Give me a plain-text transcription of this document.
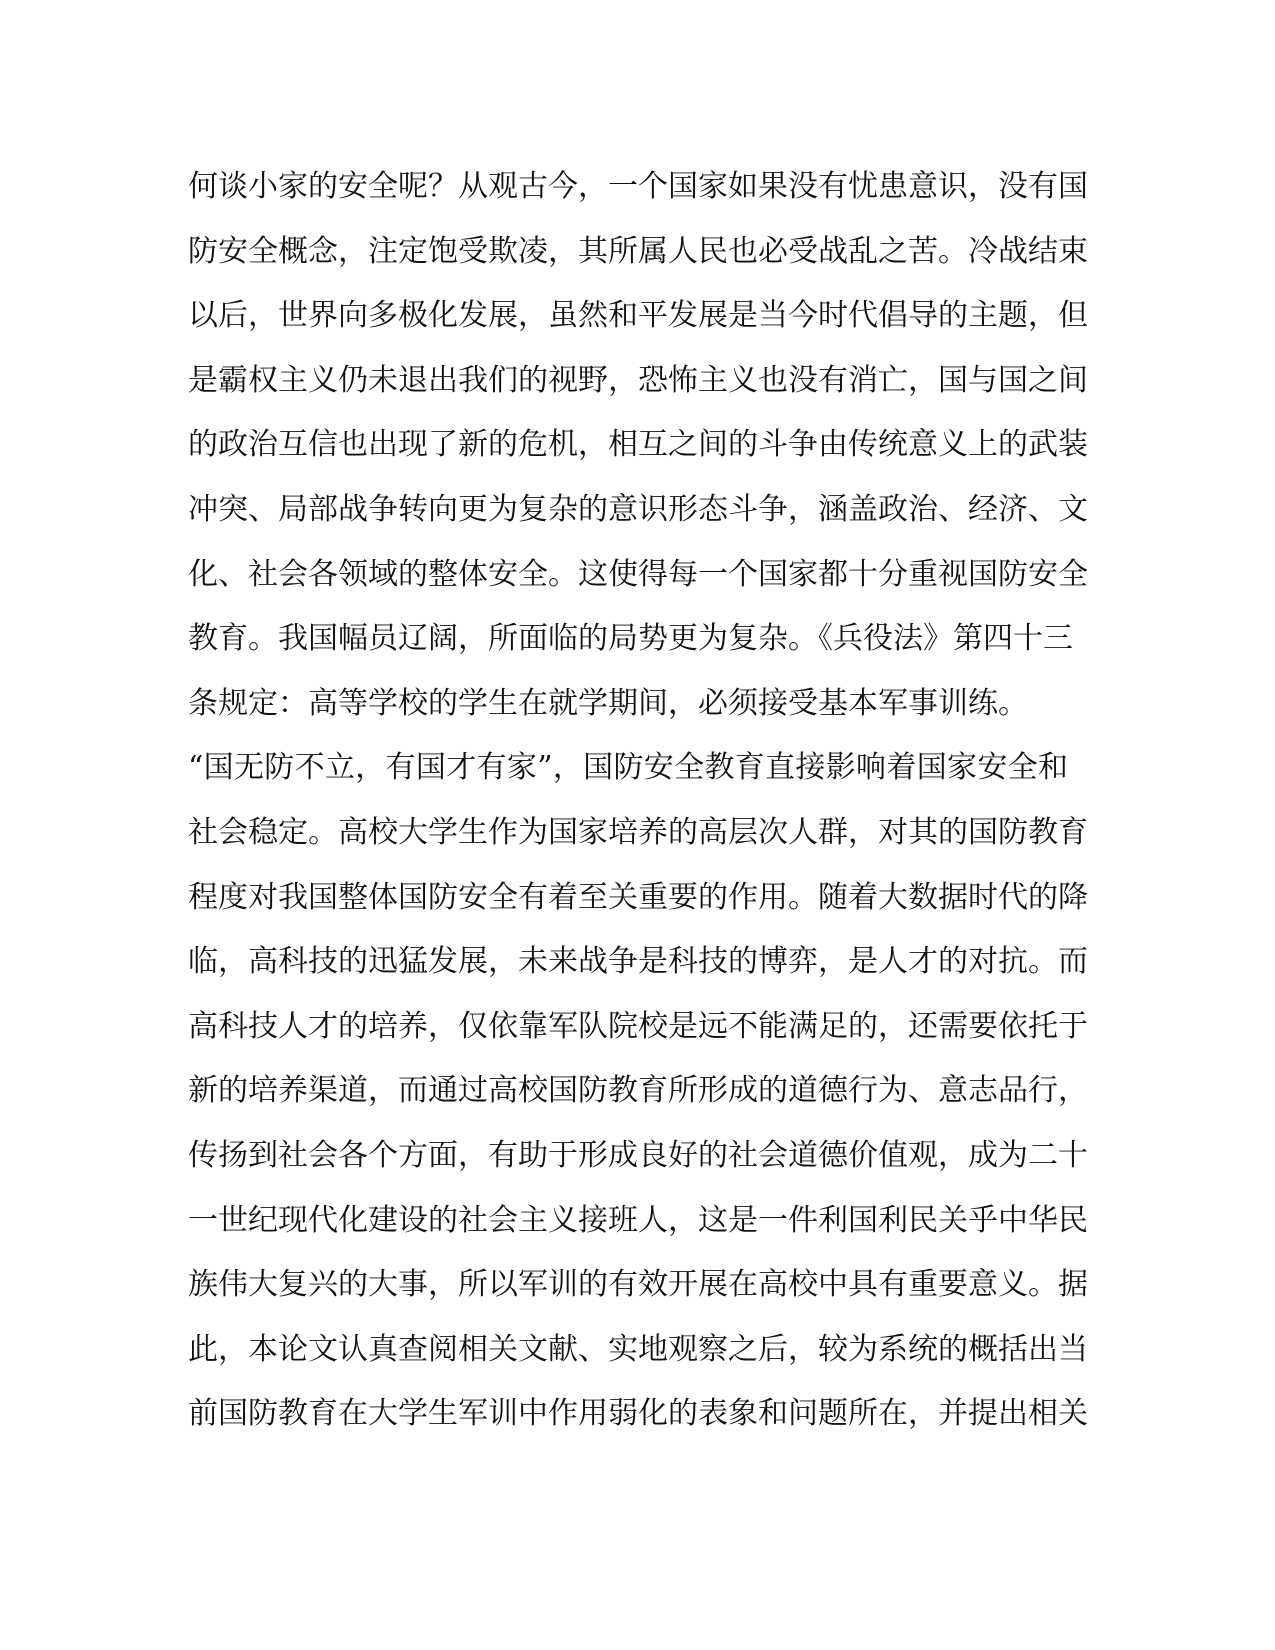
何谈小家的安全呢？从观古今，一个国家如果没有忧患意识，没有国
防安全概念，注定饱受欺凌，其所属人民也必受战乱之苦。冷战结束
以后，世界向多极化发展，虽然和平发展是当今时代倡导的主题，但
是霸权主义仍未退出我们的视野，恐怖主义也没有消亡，国与国之间
的政治互信也出现了新的危机，相互之间的斗争由传统意义上的武装
冲突、局部战争转向更为复杂的意识形态斗争，涵盖政治、经济、文
化、社会各领域的整体安全。这使得每一个国家都十分重视国防安全
教育。我国幅员辽阔，所面临的局势更为复杂。《兵役法》第四十三
条规定：高等学校的学生在就学期间，必须接受基本军事训练。
“国无防不立，有国才有家”，国防安全教育直接影响着国家安全和
社会稳定。高校大学生作为国家培养的高层次人群，对其的国防教育
程度对我国整体国防安全有着至关重要的作用。随着大数据时代的降
临，高科技的迅猛发展，未来战争是科技的博弈，是人才的对抗。而
高科技人才的培养，仅依靠军队院校是远不能满足的，还需要依托于
新的培养渠道，而通过高校国防教育所形成的道德行为、意志品行，
传扬到社会各个方面，有助于形成良好的社会道德价值观，成为二十
一世纪现代化建设的社会主义接班人，这是一件利国利民关乎中华民
族伟大复兴的大事，所以军训的有效开展在高校中具有重要意义。据
此，本论文认真查阅相关文献、实地观察之后，较为系统的概括出当
前国防教育在大学生军训中作用弱化的表象和问题所在，并提出相关
